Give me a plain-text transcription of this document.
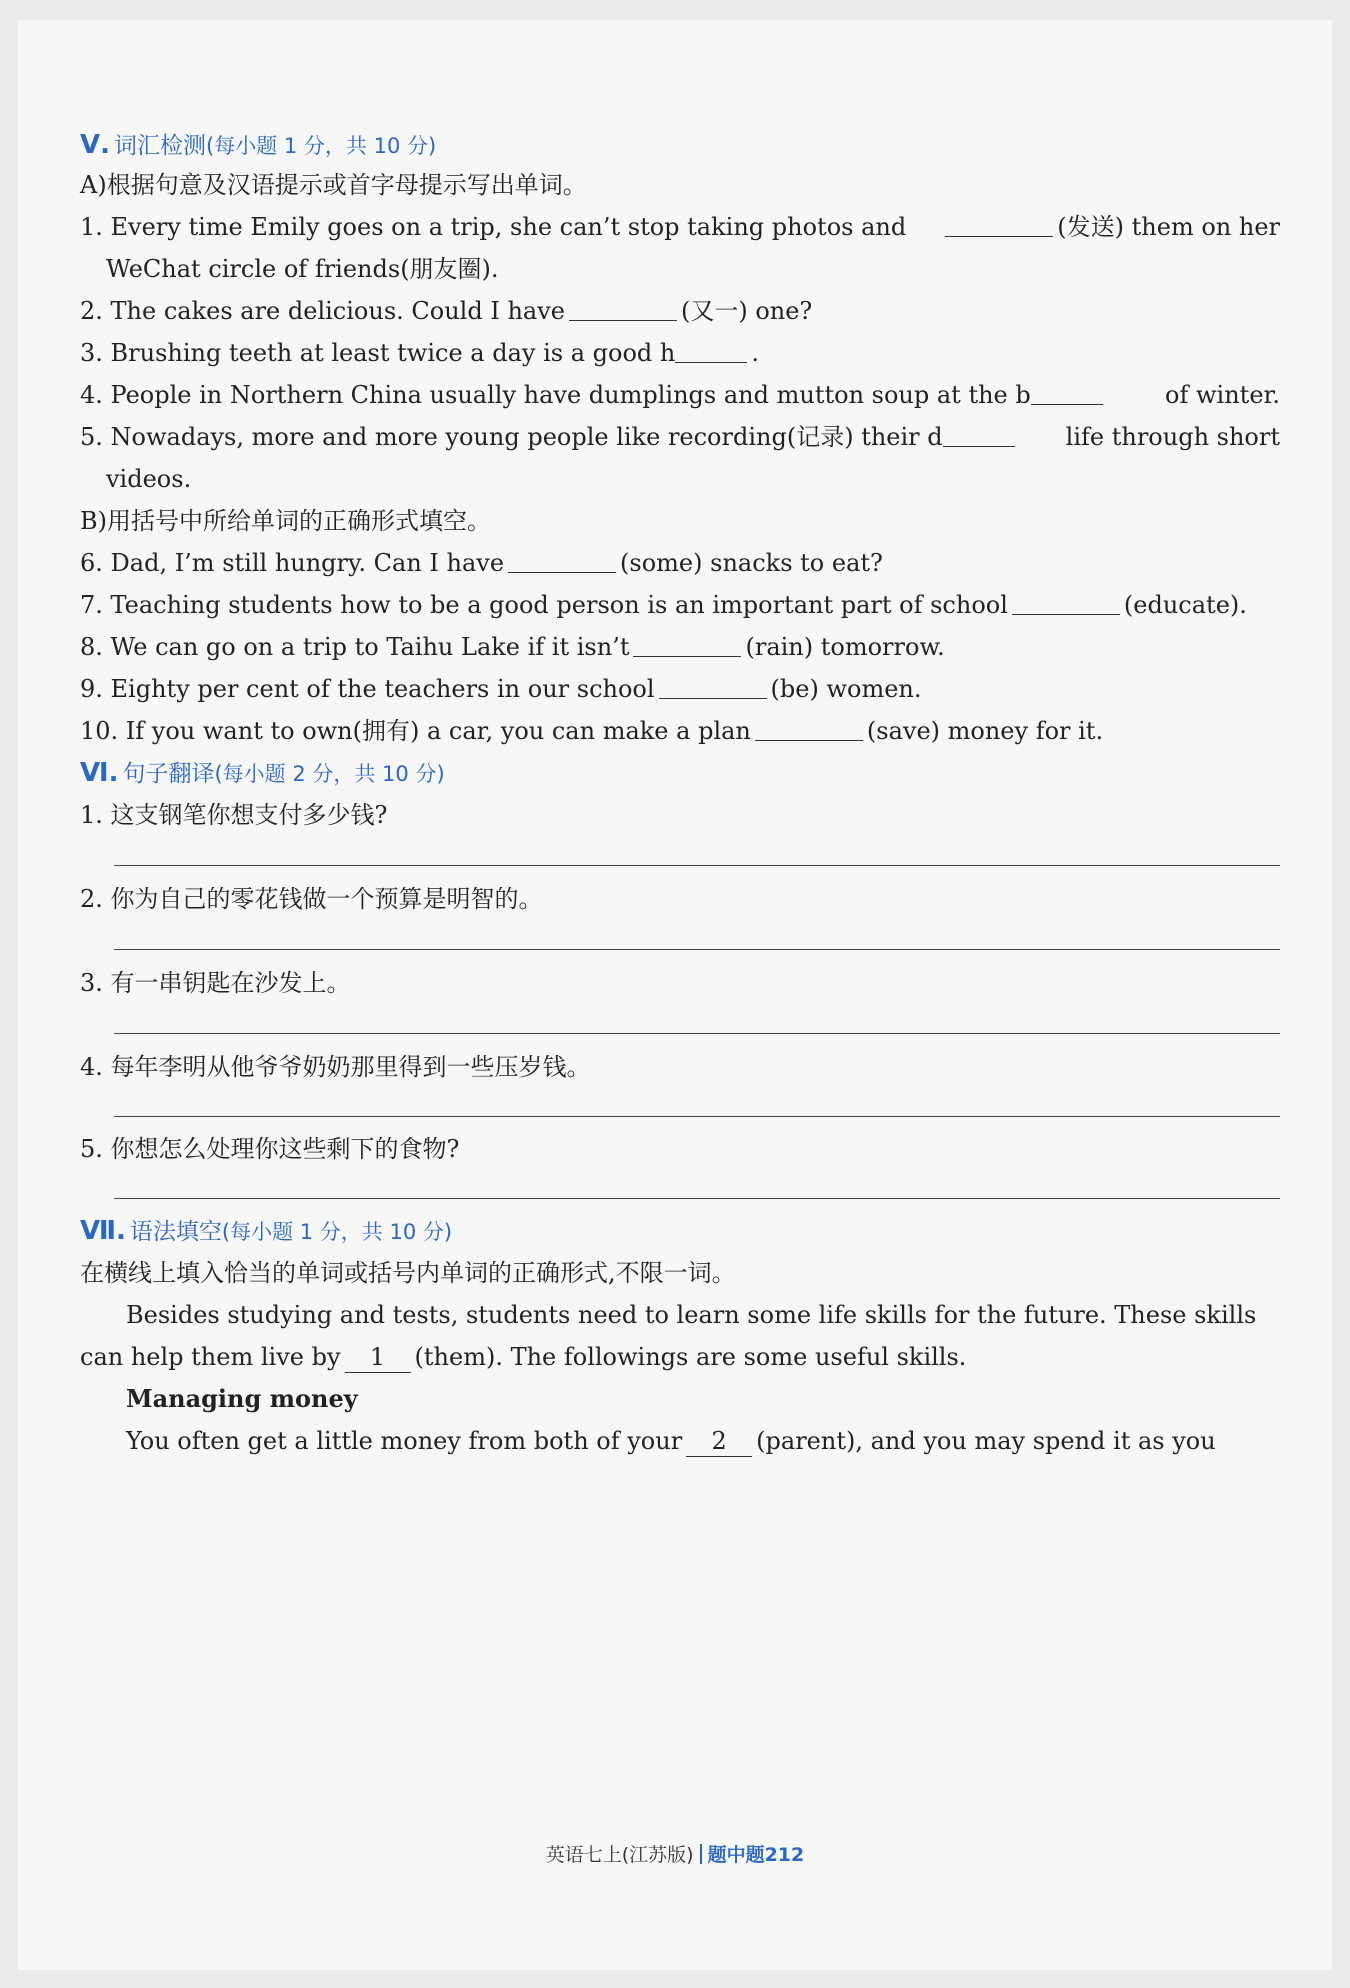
Ⅴ. 词汇检测(每小题 1 分，共 10 分)
A)根据句意及汉语提示或首字母提示写出单词。
1. Every time Emily goes on a trip, she can’t stop taking photos and	(发送) them on her
WeChat circle of friends(朋友圈).
2. The cakes are delicious. Could I have	(又一) one?
3. Brushing teeth at least twice a day is a good h	.
4. People in Northern China usually have dumplings and mutton soup at the b	of winter.
5. Nowadays, more and more young people like recording(记录) their d	life through short
videos.
B)用括号中所给单词的正确形式填空。
6. Dad, I’m still hungry. Can I have	(some) snacks to eat?
7. Teaching students how to be a good person is an important part of school	(educate).
8. We can go on a trip to Taihu Lake if it isn’t	(rain) tomorrow.
9. Eighty per cent of the teachers in our school	(be) women.
10. If you want to own(拥有) a car, you can make a plan	(save) money for it.
Ⅵ. 句子翻译(每小题 2 分，共 10 分)
1. 这支钢笔你想支付多少钱?
2. 你为自己的零花钱做一个预算是明智的。
3. 有一串钥匙在沙发上。
4. 每年李明从他爷爷奶奶那里得到一些压岁钱。
5. 你想怎么处理你这些剩下的食物?
Ⅶ. 语法填空(每小题 1 分，共 10 分)
在横线上填入恰当的单词或括号内单词的正确形式,不限一词。
Besides studying and tests, students need to learn some life skills for the future. These skills
can help them live by 1 (them). The followings are some useful skills.
Managing money
You often get a little money from both of your 2 (parent), and you may spend it as you
英语七上(江苏版) 题中题212
